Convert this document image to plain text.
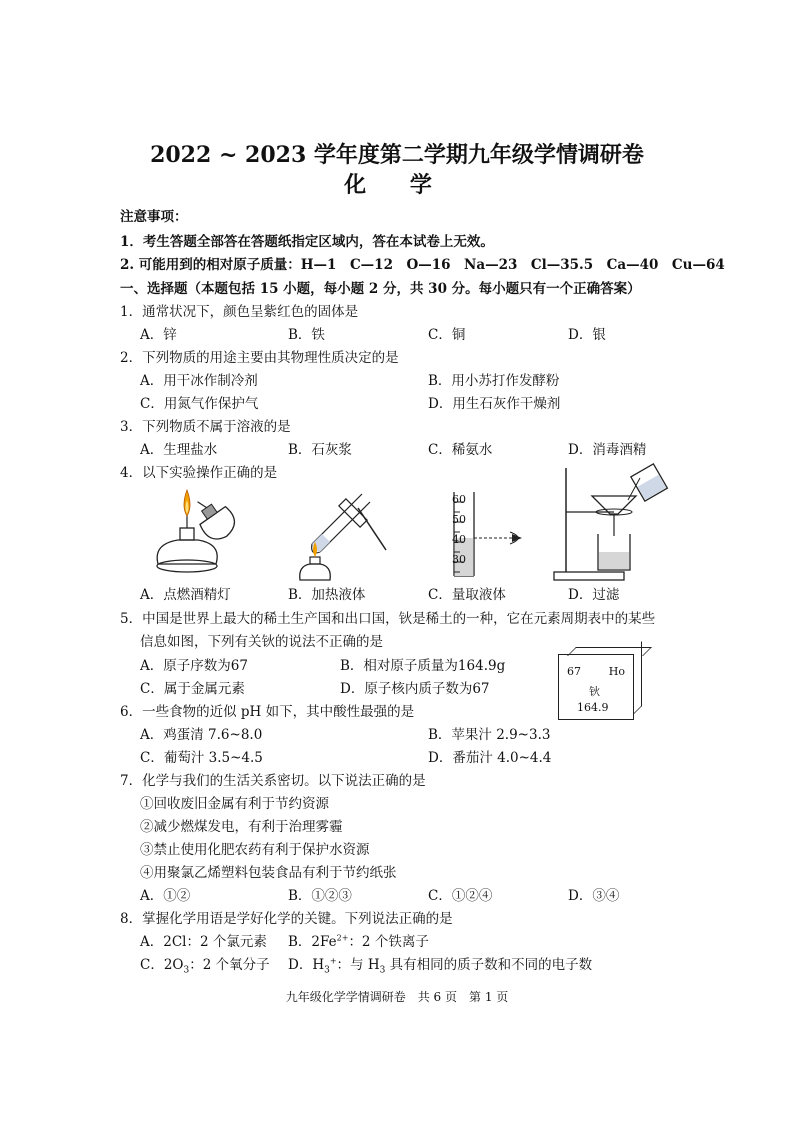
2022 ~ 2023 学年度第二学期九年级学情调研卷
化 学
注意事项：
1．考生答题全部答在答题纸指定区域内，答在本试卷上无效。
2. 可能用到的相对原子质量：H—1　C—12　O—16　Na—23　Cl—35.5　Ca—40　Cu—64
一、选择题（本题包括 15 小题，每小题 2 分，共 30 分。每小题只有一个正确答案）
1．通常状况下，颜色呈紫红色的固体是
A．锌	B．铁	C．铜	D．银
2．下列物质的用途主要由其物理性质决定的是
A．用干冰作制冷剂	B．用小苏打作发酵粉
C．用氮气作保护气	D．用生石灰作干燥剂
3．下列物质不属于溶液的是
A．生理盐水	B．石灰浆	C．稀氨水	D．消毒酒精
4．以下实验操作正确的是
60
50
40
30
A．点燃酒精灯	B．加热液体	C．量取液体	D．过滤
5．中国是世界上最大的稀土生产国和出口国，钬是稀土的一种，它在元素周期表中的某些
信息如图，下列有关钬的说法不正确的是
A．原子序数为67	B．相对原子质量为164.9g
C．属于金属元素	D．原子核内质子数为67
67	Ho
钬
164.9
6．一些食物的近似 pH 如下，其中酸性最强的是
A．鸡蛋清 7.6~8.0	B．苹果汁 2.9~3.3
C．葡萄汁 3.5~4.5	D．番茄汁 4.0~4.4
7．化学与我们的生活关系密切。以下说法正确的是
①回收废旧金属有利于节约资源
②减少燃煤发电，有利于治理雾霾
③禁止使用化肥农药有利于保护水资源
④用聚氯乙烯塑料包装食品有利于节约纸张
A．①②	B．①②③	C．①②④	D．③④
8．掌握化学用语是学好化学的关键。下列说法正确的是
A．2Cl：2 个氯元素 B．$2Fe^{2+}$：2 个铁离子
C．$2O_3$：2 个氧分子 D．$H_3^+$：与 $H_3$ 具有相同的质子数和不同的电子数
九年级化学学情调研卷　共 6 页　第 1 页
